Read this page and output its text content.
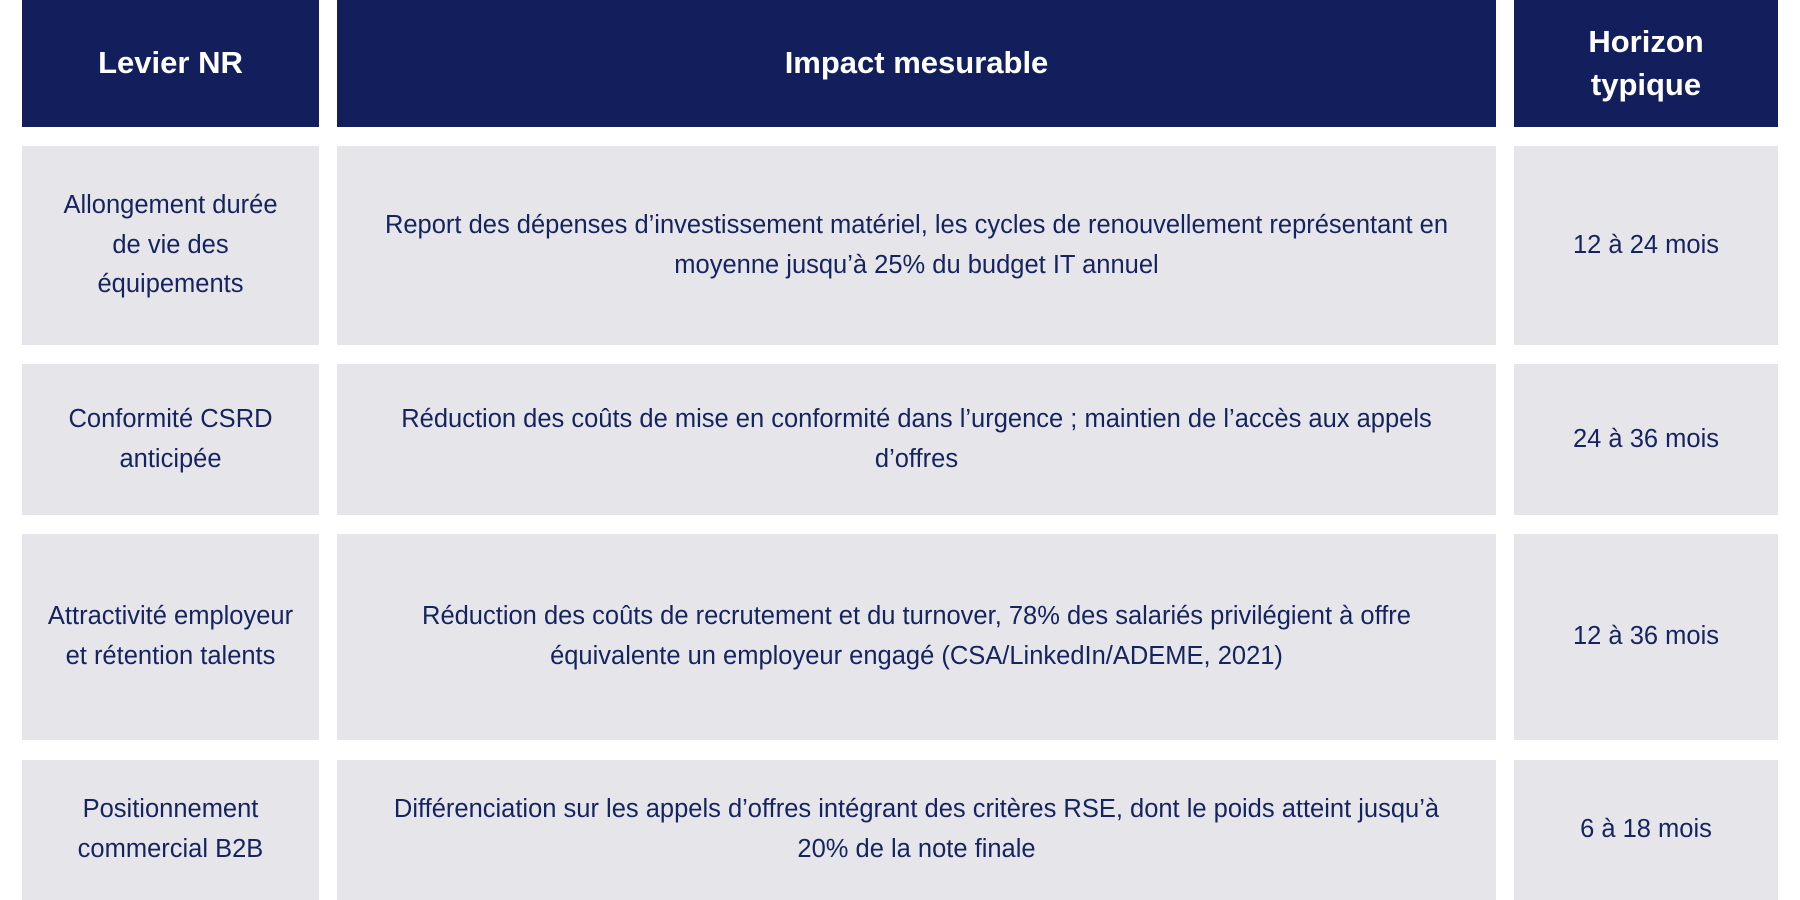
Levier NR	Impact mesurable
Horizon typique
Allongement durée de vie des équipements
Report des dépenses d’investissement matériel, les cycles de renouvellement représentant en moyenne jusqu’à 25% du budget IT annuel
12 à 24 mois
Conformité CSRD anticipée
Réduction des coûts de mise en conformité dans l’urgence ; maintien de l’accès aux appels d’offres
24 à 36 mois
Attractivité employeur et rétention talents
Réduction des coûts de recrutement et du turnover, 78% des salariés privilégient à offre équivalente un employeur engagé (CSA/LinkedIn/ADEME, 2021)
12 à 36 mois
Positionnement commercial B2B
Différenciation sur les appels d’offres intégrant des critères RSE, dont le poids atteint jusqu’à 20% de la note finale
6 à 18 mois
